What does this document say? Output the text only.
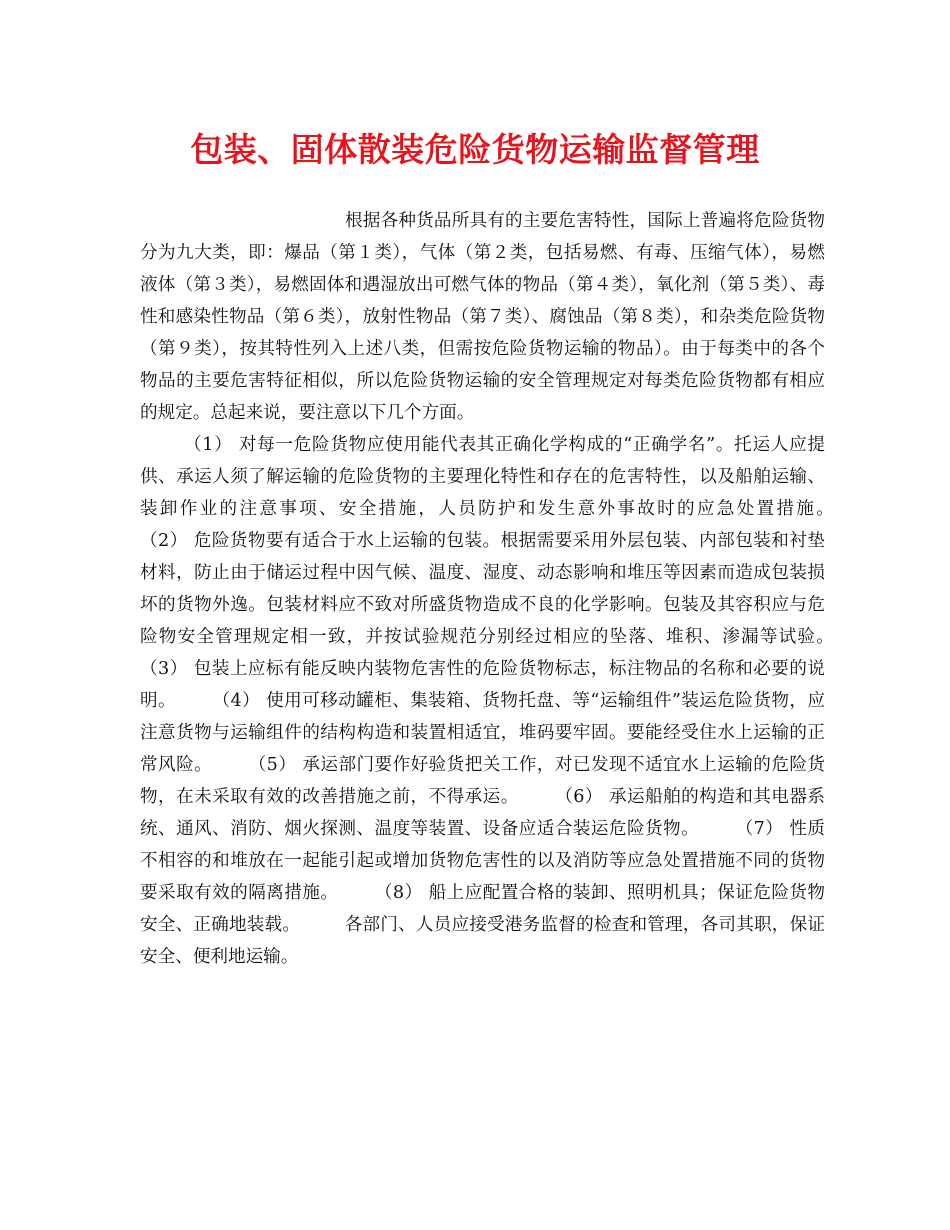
包装、固体散装危险货物运输监督管理

根据各种货品所具有的主要危害特性，国际上普遍将危险货物分为九大类，即：爆品（第１类），气体（第２类，包括易燃、有毒、压缩气体），易燃液体（第３类），易燃固体和遇湿放出可燃气体的物品（第４类），氧化剂（第５类）、毒性和感染性物品（第６类），放射性物品（第７类）、腐蚀品（第８类），和杂类危险货物（第９类），按其特性列入上述八类，但需按危险货物运输的物品）。由于每类中的各个物品的主要危害特征相似，所以危险货物运输的安全管理规定对每类危险货物都有相应的规定。总起来说，要注意以下几个方面。

（1） 对每一危险货物应使用能代表其正确化学构成的“正确学名”。托运人应提供、承运人须了解运输的危险货物的主要理化特性和存在的危害特性，以及船舶运输、装卸作业的注意事项、安全措施，人员防护和发生意外事故时的应急处置措施。　　　（2） 危险货物要有适合于水上运输的包装。根据需要采用外层包装、内部包装和衬垫材料，防止由于储运过程中因气候、温度、湿度、动态影响和堆压等因素而造成包装损坏的货物外逸。包装材料应不致对所盛货物造成不良的化学影响。包装及其容积应与危险物安全管理规定相一致，并按试验规范分别经过相应的坠落、堆积、渗漏等试验。　　　（3） 包装上应标有能反映内装物危害性的危险货物标志，标注物品的名称和必要的说明。　　　（4） 使用可移动罐柜、集装箱、货物托盘、等“运输组件”装运危险货物，应注意货物与运输组件的结构构造和装置相适宜，堆码要牢固。要能经受住水上运输的正常风险。　　　（5） 承运部门要作好验货把关工作，对已发现不适宜水上运输的危险货物，在未采取有效的改善措施之前，不得承运。　　　（6） 承运船舶的构造和其电器系统、通风、消防、烟火探测、温度等装置、设备应适合装运危险货物。　　　（7） 性质不相容的和堆放在一起能引起或增加货物危害性的以及消防等应急处置措施不同的货物要采取有效的隔离措施。　　　（8） 船上应配置合格的装卸、照明机具；保证危险货物安全、正确地装载。　　　各部门、人员应接受港务监督的检查和管理，各司其职，保证安全、便利地运输。
